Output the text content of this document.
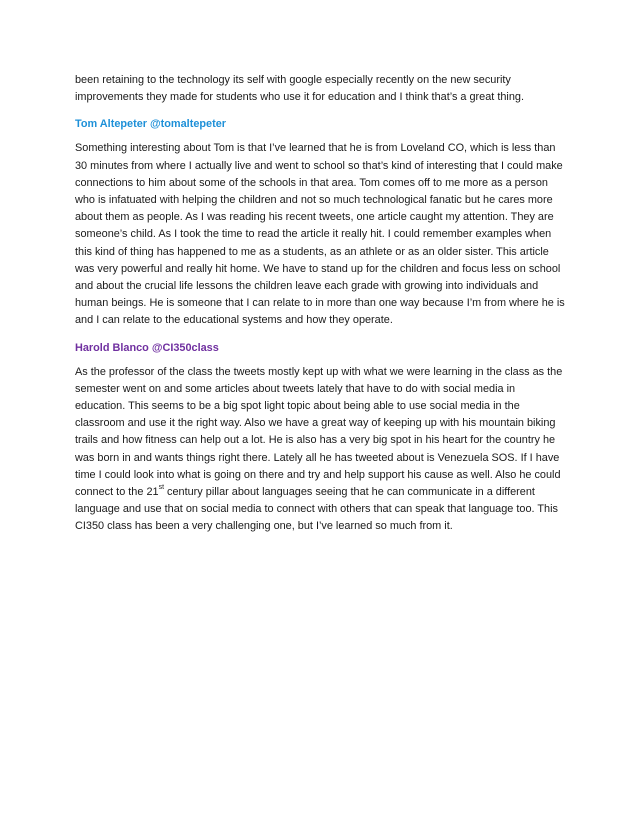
been retaining to the technology its self with google especially recently on the new security improvements they made for students who use it for education and I think that’s a great thing.

Tom Altepeter @tomaltepeter

Something interesting about Tom is that I’ve learned that he is from Loveland CO, which is less than 30 minutes from where I actually live and went to school so that’s kind of interesting that I could make connections to him about some of the schools in that area. Tom comes off to me more as a person who is infatuated with helping the children and not so much technological fanatic but he cares more about them as people. As I was reading his recent tweets, one article caught my attention. They are someone’s child. As I took the time to read the article it really hit. I could remember examples when this kind of thing has happened to me as a students, as an athlete or as an older sister. This article was very powerful and really hit home. We have to stand up for the children and focus less on school and about the crucial life lessons the children leave each grade with growing into individuals and human beings. He is someone that I can relate to in more than one way because I’m from where he is and I can relate to the educational systems and how they operate.

Harold Blanco @CI350class

As the professor of the class the tweets mostly kept up with what we were learning in the class as the semester went on and some articles about tweets lately that have to do with social media in education. This seems to be a big spot light topic about being able to use social media in the classroom and use it the right way. Also we have a great way of keeping up with his mountain biking trails and how fitness can help out a lot. He is also has a very big spot in his heart for the country he was born in and wants things right there. Lately all he has tweeted about is Venezuela SOS. If I have time I could look into what is going on there and try and help support his cause as well. Also he could connect to the 21st century pillar about languages seeing that he can communicate in a different language and use that on social media to connect with others that can speak that language too. This CI350 class has been a very challenging one, but I’ve learned so much from it.
